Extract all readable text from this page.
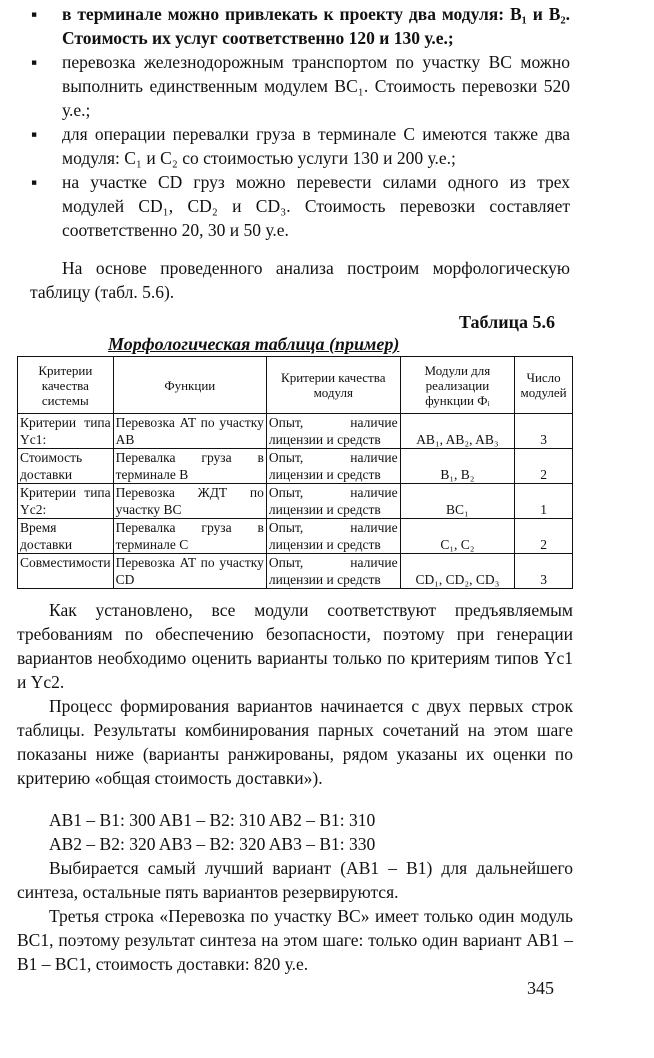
▪ в терминале можно привлекать к проекту два модуля: B₁ и B₂. Стоимость их услуг соответственно 120 и 130 у.е.;
▪ перевозка железнодорожным транспортом по участку BC можно выполнить единственным модулем BC₁. Стоимость перевозки 520 у.е.;
▪ для операции перевалки груза в терминале C имеются также два модуля: C₁ и C₂ со стоимостью услуги 130 и 200 у.е.;
▪ на участке CD груз можно перевести силами одного из трех модулей CD₁, CD₂ и CD₃. Стоимость перевозки составляет соответственно 20, 30 и 50 у.е.

На основе проведенного анализа построим морфологическую таблицу (табл. 5.6).

Таблица 5.6
Морфологическая таблица (пример)
Критерии качества системы	Функции	Критерии качества модуля	Модули для реализации функции Фᵢ	Число модулей
Критерии типа Yc1:	Перевозка AT по участку AB	Опыт, наличие лицензии и средств	AB₁, AB₂, AB₃	3
Стоимость доставки	Перевалка груза в терминале B	Опыт, наличие лицензии и средств	B₁, B₂	2
Критерии типа Yc2:	Перевозка ЖДТ по участку BC	Опыт, наличие лицензии и средств	BC₁	1
Время доставки	Перевалка груза в терминале C	Опыт, наличие лицензии и средств	C₁, C₂	2
Совместимости	Перевозка AT по участку CD	Опыт, наличие лицензии и средств	CD₁, CD₂, CD₃	3

Как установлено, все модули соответствуют предъявляемым требованиям по обеспечению безопасности, поэтому при генерации вариантов необходимо оценить варианты только по критериям типов Yc1 и Yc2.

Процесс формирования вариантов начинается с двух первых строк таблицы. Результаты комбинирования парных сочетаний на этом шаге показаны ниже (варианты ранжированы, рядом указаны их оценки по критерию «общая стоимость доставки»).

AB1 – B1: 300 AB1 – B2: 310 AB2 – B1: 310

AB2 – B2: 320 AB3 – B2: 320 AB3 – B1: 330

Выбирается самый лучший вариант (AB1 – B1) для дальнейшего синтеза, остальные пять вариантов резервируются.

Третья строка «Перевозка по участку BC» имеет только один модуль BC1, поэтому результат синтеза на этом шаге: только один вариант AB1 – B1 – BC1, стоимость доставки: 820 у.е.

345
